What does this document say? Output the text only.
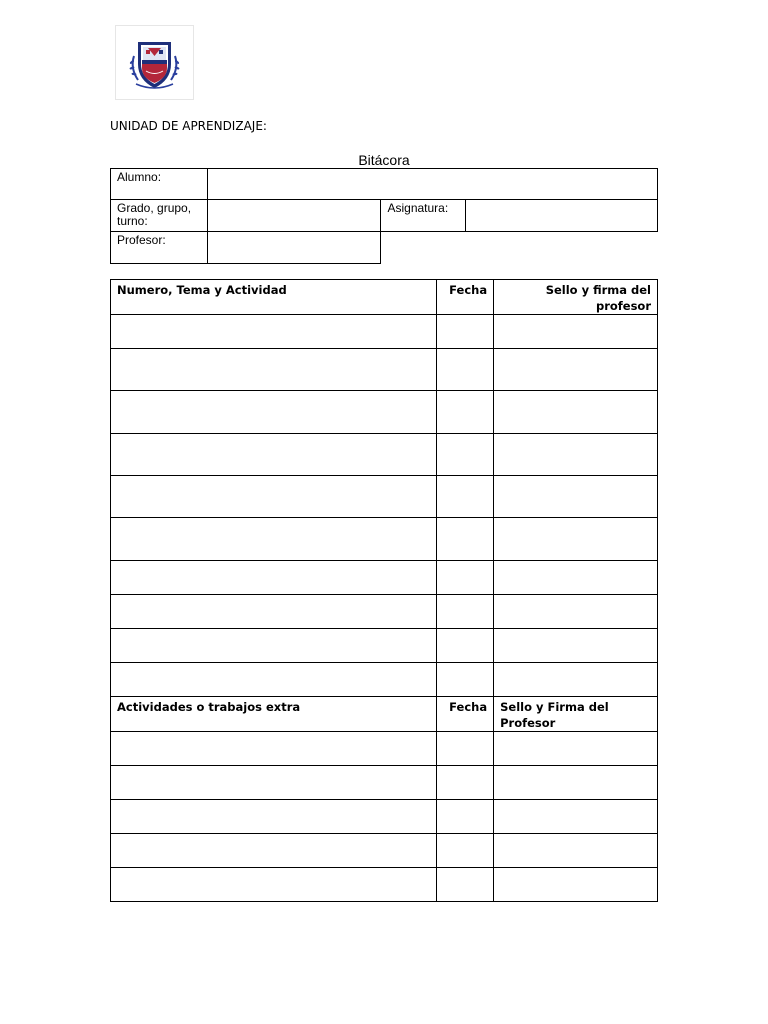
UNIDAD DE APRENDIZAJE:
Bitácora
Alumno:			
Grado, grupo, turno:		Asignatura:	
Profesor:			
Numero, Tema y Actividad	Fecha	Sello y firma del profesor

Actividades o trabajos extra	Fecha	Sello y Firma del Profesor
